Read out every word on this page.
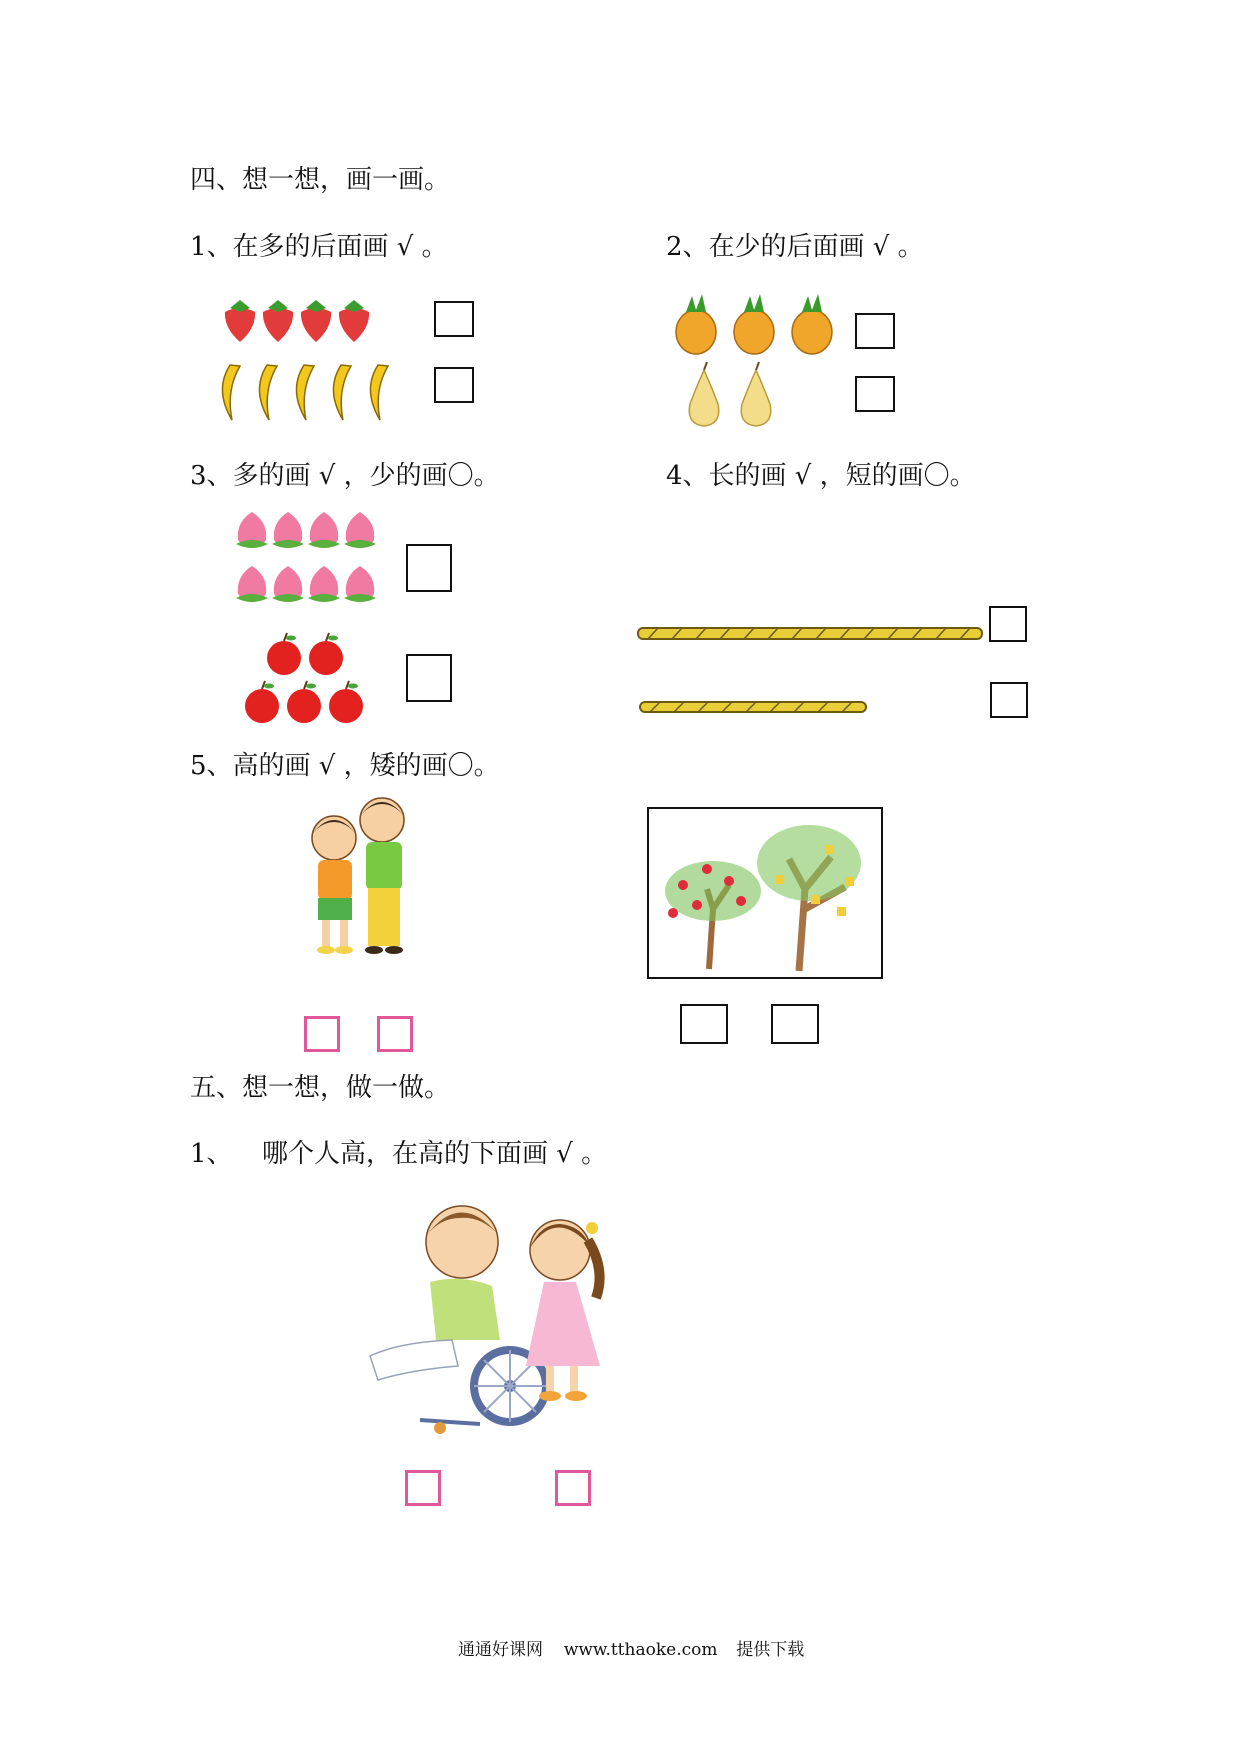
四、想一想，画一画。
1、在多的后面画 √ 。	2、在少的后面画 √ 。
3、多的画 √ ，少的画〇。	4、长的画 √ ，短的画〇。
5、高的画 √ ，矮的画〇。
五、想一想，做一做。
1、 哪个人高，在高的下面画 √ 。
通通好课网 www.tthaoke.com 提供下载
